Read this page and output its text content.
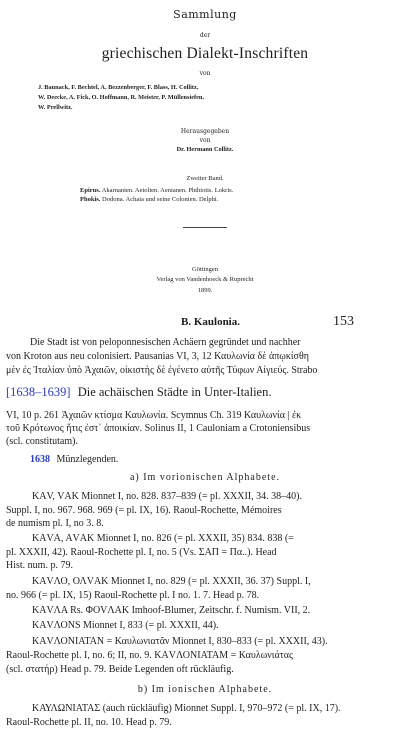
Sammlung
der
griechischen Dialekt-Inschriften
von
J. Baunack, F. Bechtel, A. Bezzenberger, F. Blass, H. Collitz,
W. Deecke, A. Fick, O. Hoffmann, R. Meister, P. Müllensiefen,
W. Prellwitz.
Herausgegeben
von
Dr. Hermann Collitz.
Zweiter Band.
Epirus. Akarnanien. Aetolien. Aenianen. Phthiotis. Lokris.
Phokis. Dodona. Achaia und seine Colonien. Delphi.
Göttingen
Verlag von Vandenhoeck & Ruprecht
1899.
B. Kaulonia.	153
Die Stadt ist von peloponnesischen Achäern gegründet und nachher
von Kroton aus neu colonisiert. Pausanias VI, 3, 12 Καυλωνία δὲ ἀπῳκίσθη
μὲν ἐς Ἰταλίαν ὑπὸ Ἀχαιῶν, οἰκιστὴς δὲ ἐγένετο αὐτῆς Τύφων Αἰγιεύς. Strabo
[1638–1639] Die achäischen Städte in Unter-Italien.
VI, 10 p. 261 Ἀχαιῶν κτίσμα Καυλωνία. Scymnus Ch. 319 Καυλωνία | ἐκ
τοῦ Κρότωνος ἥτις ἐστ᾽ ἀποικίαν. Solinus II, 1 Cauloniam a Crotoniensibus
(scl. constitutam).
1638 Münzlegenden.
a) Im vorionischen Alphabete.
ΚΑV, VΑΚ Mionnet I, no. 828. 837–839 (= pl. XXXII, 34. 38–40).
Suppl. I, no. 967. 968. 969 (= pl. IX, 16). Raoul-Rochette, Mémoires
de numism pl. I, no 3. 8.
ΚΑVΑ, ΑVΑΚ Mionnet I, no. 826 (= pl. XXXII, 35) 834. 838 (=
pl. XXXII, 42). Raoul-Rochette pl. I, no. 5 (Vs. ΣΑΠ = Πα..). Head
Hist. num. p. 79.
ΚΑVΛΟ, ΟΛVΑΚ Mionnet I, no. 829 (= pl. XXXII, 36. 37) Suppl. I,
no. 966 (= pl. IX, 15) Raoul-Rochette pl. I no. 1. 7. Head p. 78.
ΚΑVΛΑ Rs. ΦΟVΛΑΚ Imhoof-Blumer, Zeitschr. f. Numism. VII, 2.
ΚΑVΛΟΝS Mionnet I, 833 (= pl. XXXII, 44).
ΚΑVΛΟΝΙΑΤΑΝ = Καυλωνιατᾶν Mionnet I, 830–833 (= pl. XXXII, 43).
Raoul-Rochette pl. I, no. 6; II, no. 9. ΚΑVΛΟΝΙΑΤΑΜ = Καυλωνιάτας
(scl. στατήρ) Head p. 79. Beide Legenden oft rückläufig.
b) Im ionischen Alphabete.
ΚΑΥΛΩΝΙΑΤΑΣ (auch rückläufig) Mionnet Suppl. I, 970–972 (= pl. IX, 17).
Raoul-Rochette pl. II, no. 10. Head p. 79.
